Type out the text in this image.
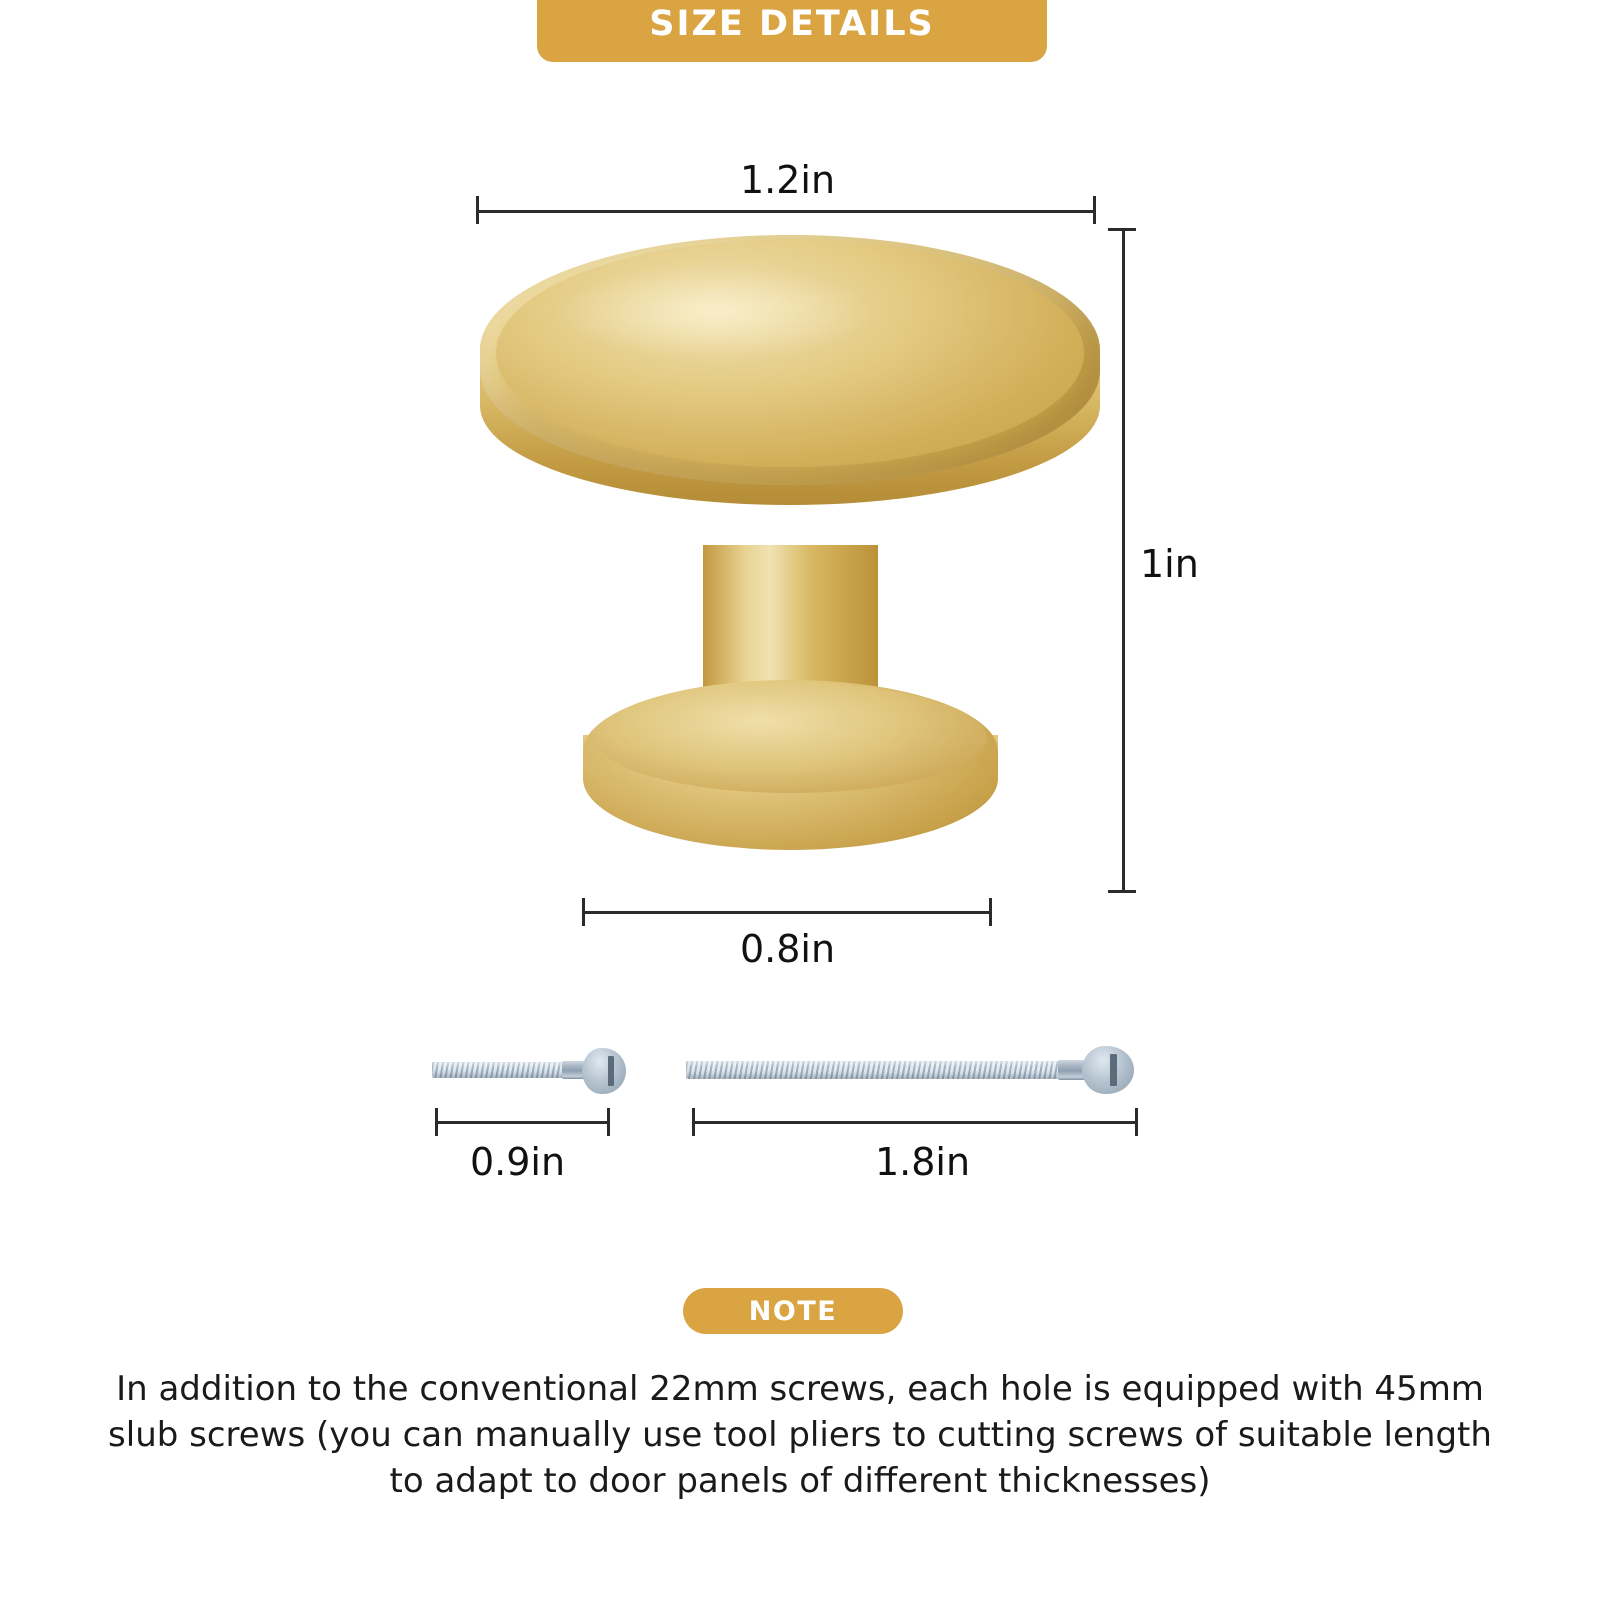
SIZE DETAILS
1.2in
1in
0.8in
0.9in	1.8in
NOTE
In addition to the conventional 22mm screws, each hole is equipped with 45mm slub screws (you can manually use tool pliers to cutting screws of suitable length to adapt to door panels of different thicknesses)
